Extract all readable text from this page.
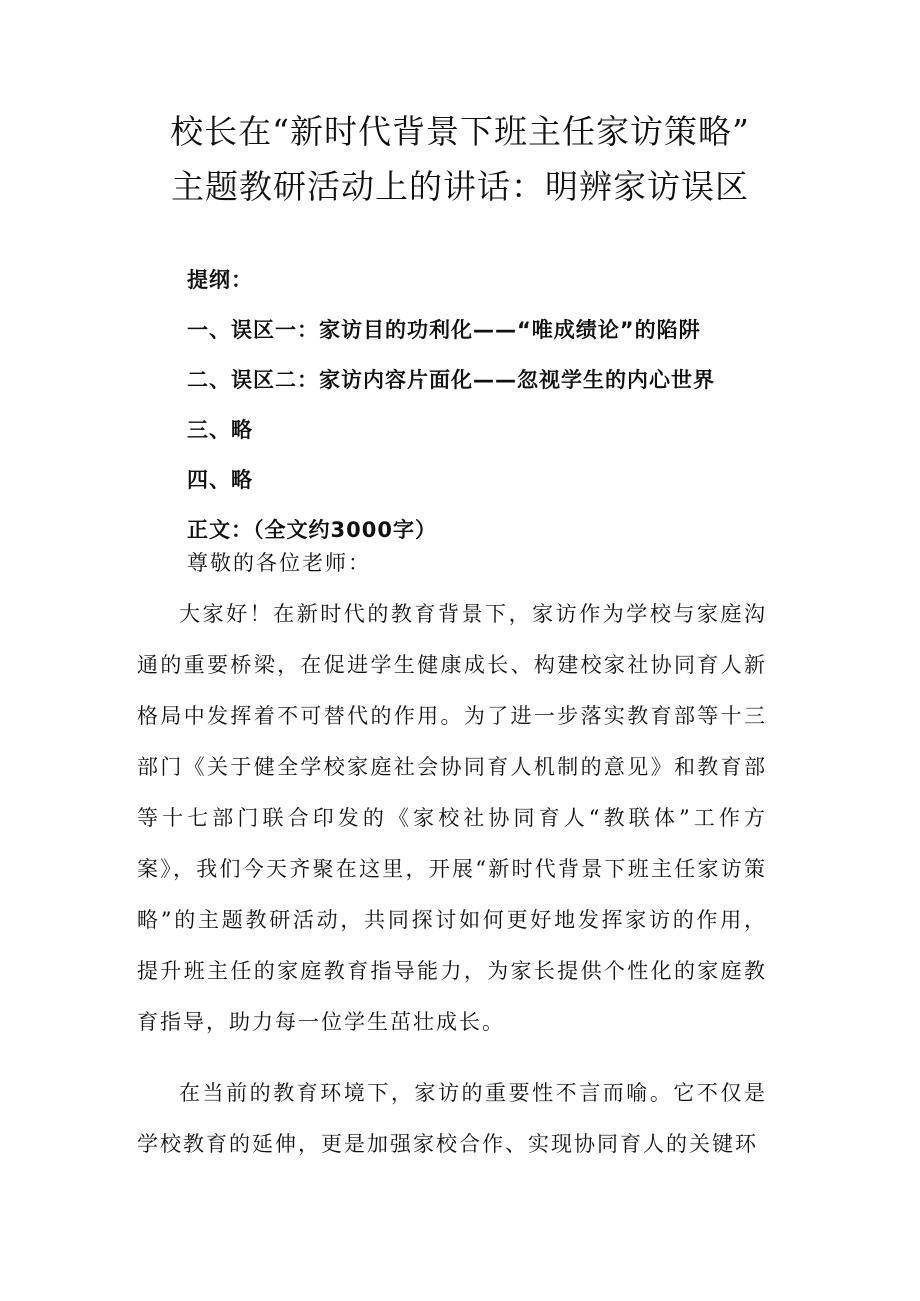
校长在“新时代背景下班主任家访策略”
主题教研活动上的讲话：明辨家访误区
提纲：
一、误区一：家访目的功利化——“唯成绩论”的陷阱
二、误区二：家访内容片面化——忽视学生的内心世界
三、略
四、略
正文：（全文约3000字）

尊敬的各位老师：

大家好！在新时代的教育背景下，家访作为学校与家庭沟通的重要桥梁，在促进学生健康成长、构建校家社协同育人新格局中发挥着不可替代的作用。为了进一步落实教育部等十三部门《关于健全学校家庭社会协同育人机制的意见》和教育部等十七部门联合印发的《家校社协同育人“教联体”工作方案》，我们今天齐聚在这里，开展“新时代背景下班主任家访策略”的主题教研活动，共同探讨如何更好地发挥家访的作用，提升班主任的家庭教育指导能力，为家长提供个性化的家庭教育指导，助力每一位学生茁壮成长。

在当前的教育环境下，家访的重要性不言而喻。它不仅是学校教育的延伸，更是加强家校合作、实现协同育人的关键环
